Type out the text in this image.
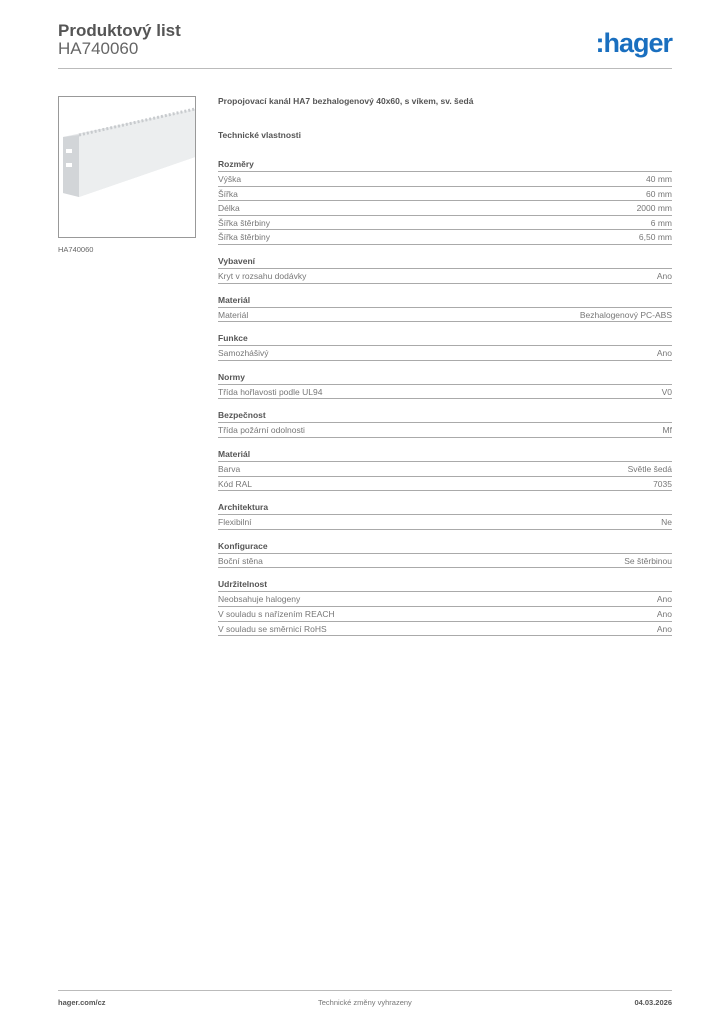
Produktový list
HA740060	:hager
HA740060
Propojovací kanál HA7 bezhalogenový 40x60, s víkem, sv. šedá
Technické vlastnosti
Rozměry
Výška	40 mm
Šířka	60 mm
Délka	2000 mm
Šířka štěrbiny	6 mm
Šířka štěrbiny	6,50 mm
Vybavení
Kryt v rozsahu dodávky	Ano
Materiál
Materiál	Bezhalogenový PC-ABS
Funkce
Samozhášivý	Ano
Normy
Třída hořlavosti podle UL94	V0
Bezpečnost
Třída požární odolnosti	Mf
Materiál
Barva	Světle šedá
Kód RAL	7035
Architektura
Flexibilní	Ne
Konfigurace
Boční stěna	Se štěrbinou
Udržitelnost
Neobsahuje halogeny	Ano
V souladu s nařízením REACH	Ano
V souladu se směrnicí RoHS	Ano
hager.com/cz	Technické změny vyhrazeny	04.03.2026
